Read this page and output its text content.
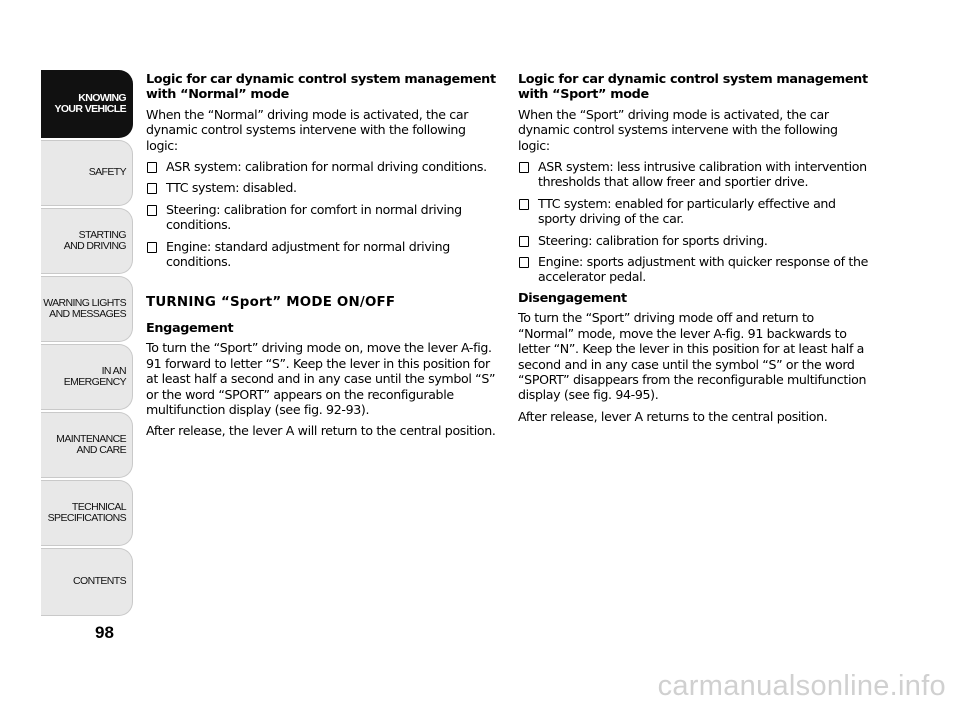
KNOWING
YOUR VEHICLE
SAFETY
STARTING
AND DRIVING
WARNING LIGHTS
AND MESSAGES
IN AN
EMERGENCY
MAINTENANCE
AND CARE
TECHNICAL
SPECIFICATIONS
CONTENTS
98
Logic for car dynamic control system management with “Normal” mode

When the “Normal” driving mode is activated, the car dynamic control systems intervene with the following logic:

ASR system: calibration for normal driving conditions.
TTC system: disabled.
Steering: calibration for comfort in normal driving conditions.
Engine: standard adjustment for normal driving conditions.
TURNING “Sport” MODE ON/OFF
Engagement

To turn the “Sport” driving mode on, move the lever A-fig. 91 forward to letter “S”. Keep the lever in this position for at least half a second and in any case until the symbol “S” or the word “SPORT” appears on the reconfigurable multifunction display (see fig. 92-93).

After release, the lever A will return to the central position.

Logic for car dynamic control system management with “Sport” mode

When the “Sport” driving mode is activated, the car dynamic control systems intervene with the following logic:

ASR system: less intrusive calibration with intervention thresholds that allow freer and sportier drive.
TTC system: enabled for particularly effective and sporty driving of the car.
Steering: calibration for sports driving.
Engine: sports adjustment with quicker response of the accelerator pedal.
Disengagement

To turn the “Sport” driving mode off and return to “Normal” mode, move the lever A-fig. 91 backwards to letter “N”. Keep the lever in this position for at least half a second and in any case until the symbol “S” or the word “SPORT” disappears from the reconfigurable multifunction display (see fig. 94-95).

After release, lever A returns to the central position.

carmanualsonline.info
